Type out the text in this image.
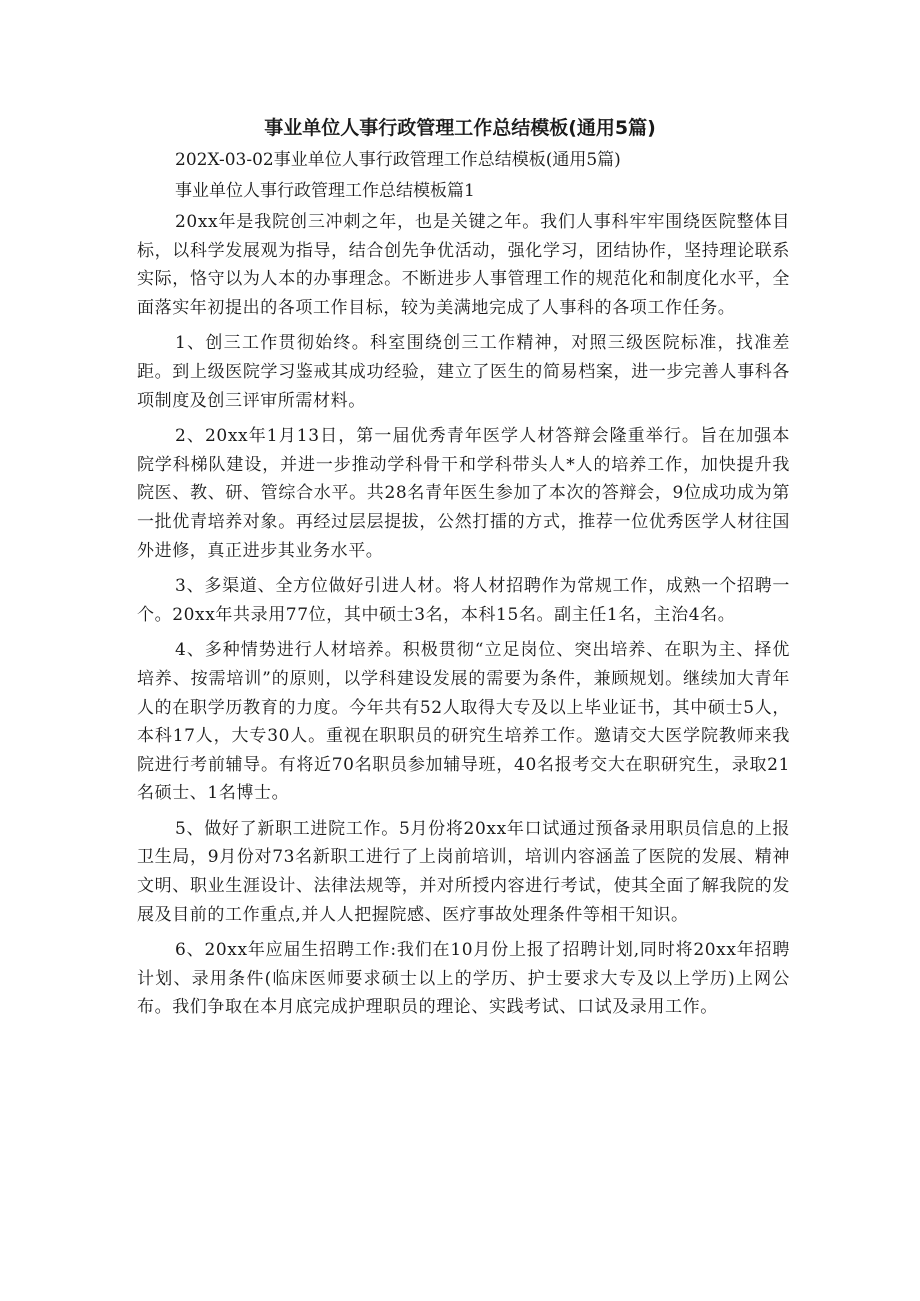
事业单位人事行政管理工作总结模板(通用5篇)
202X-03-02事业单位人事行政管理工作总结模板(通用5篇)
事业单位人事行政管理工作总结模板篇1

20xx年是我院创三冲刺之年，也是关键之年。我们人事科牢牢围绕医院整体目标，以科学发展观为指导，结合创先争优活动，强化学习，团结协作，坚持理论联系实际，恪守以为人本的办事理念。不断进步人事管理工作的规范化和制度化水平，全面落实年初提出的各项工作目标，较为美满地完成了人事科的各项工作任务。

1、创三工作贯彻始终。科室围绕创三工作精神，对照三级医院标准，找准差距。到上级医院学习鉴戒其成功经验，建立了医生的简易档案，进一步完善人事科各项制度及创三评审所需材料。

2、20xx年1月13日，第一届优秀青年医学人材答辩会隆重举行。旨在加强本院学科梯队建设，并进一步推动学科骨干和学科带头人*人的培养工作，加快提升我院医、教、研、管综合水平。共28名青年医生参加了本次的答辩会，9位成功成为第一批优青培养对象。再经过层层提拔，公然打擂的方式，推荐一位优秀医学人材往国外进修，真正进步其业务水平。

3、多渠道、全方位做好引进人材。将人材招聘作为常规工作，成熟一个招聘一个。20xx年共录用77位，其中硕士3名，本科15名。副主任1名，主治4名。

4、多种情势进行人材培养。积极贯彻“立足岗位、突出培养、在职为主、择优培养、按需培训”的原则，以学科建设发展的需要为条件，兼顾规划。继续加大青年人的在职学历教育的力度。今年共有52人取得大专及以上毕业证书，其中硕士5人，本科17人，大专30人。重视在职职员的研究生培养工作。邀请交大医学院教师来我院进行考前辅导。有将近70名职员参加辅导班，40名报考交大在职研究生，录取21名硕士、1名博士。

5、做好了新职工进院工作。5月份将20xx年口试通过预备录用职员信息的上报卫生局，9月份对73名新职工进行了上岗前培训，培训内容涵盖了医院的发展、精神文明、职业生涯设计、法律法规等，并对所授内容进行考试，使其全面了解我院的发展及目前的工作重点,并人人把握院感、医疗事故处理条件等相干知识。

6、20xx年应届生招聘工作:我们在10月份上报了招聘计划,同时将20xx年招聘计划、录用条件(临床医师要求硕士以上的学历、护士要求大专及以上学历)上网公布。我们争取在本月底完成护理职员的理论、实践考试、口试及录用工作。
